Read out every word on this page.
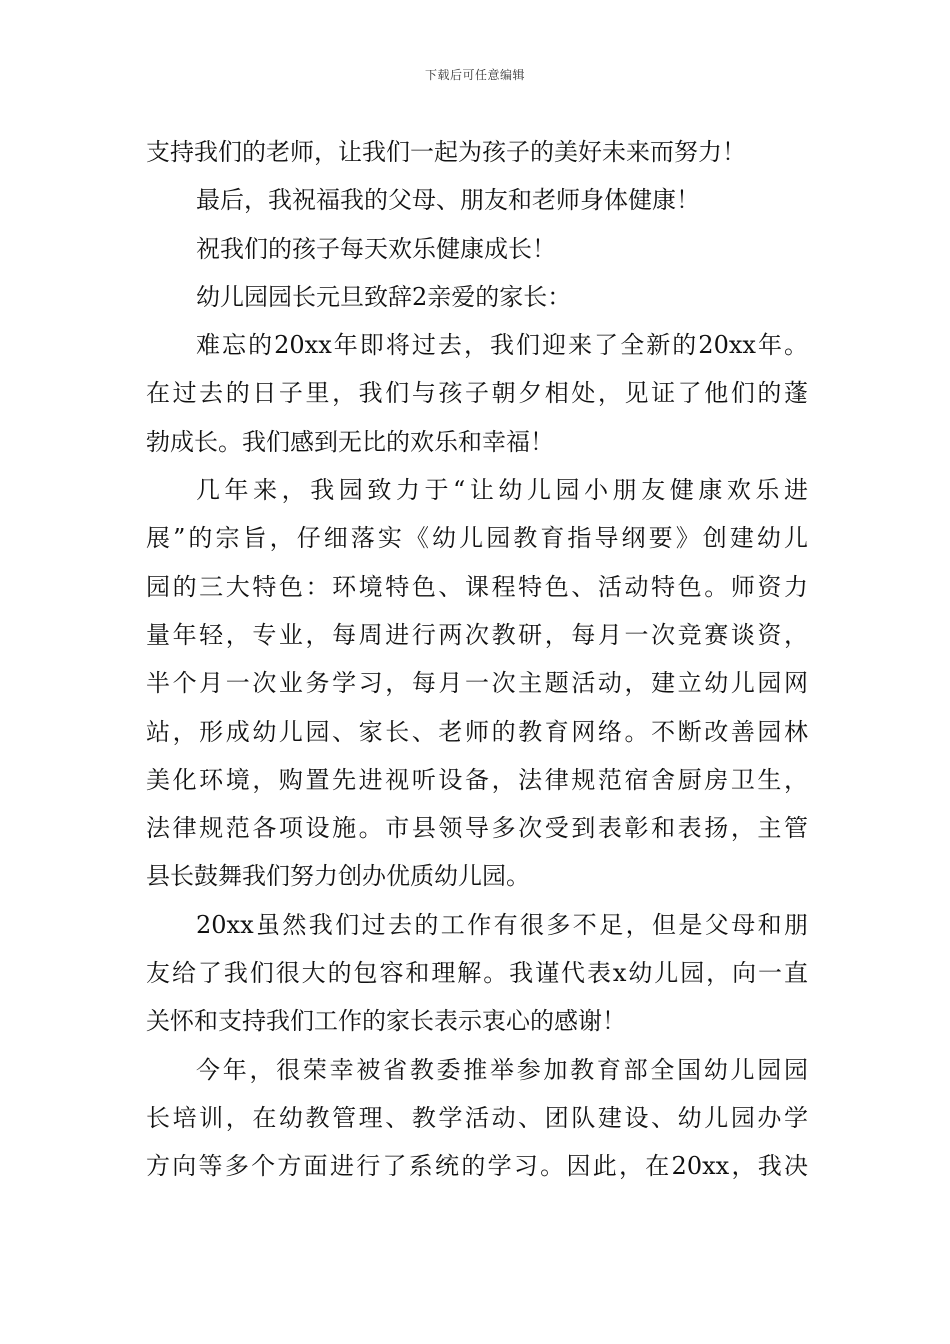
下载后可任意编辑
支持我们的老师，让我们一起为孩子的美好未来而努力！
最后，我祝福我的父母、朋友和老师身体健康！
祝我们的孩子每天欢乐健康成长！
幼儿园园长元旦致辞2亲爱的家长：
难忘的20xx年即将过去，我们迎来了全新的20xx年。
在过去的日子里，我们与孩子朝夕相处，见证了他们的蓬
勃成长。我们感到无比的欢乐和幸福！
几年来，我园致力于“让幼儿园小朋友健康欢乐进
展”的宗旨，仔细落实《幼儿园教育指导纲要》创建幼儿
园的三大特色：环境特色、课程特色、活动特色。师资力
量年轻，专业，每周进行两次教研，每月一次竞赛谈资，
半个月一次业务学习，每月一次主题活动，建立幼儿园网
站，形成幼儿园、家长、老师的教育网络。不断改善园林
美化环境，购置先进视听设备，法律规范宿舍厨房卫生，
法律规范各项设施。市县领导多次受到表彰和表扬，主管
县长鼓舞我们努力创办优质幼儿园。
20xx虽然我们过去的工作有很多不足，但是父母和朋
友给了我们很大的包容和理解。我谨代表x幼儿园，向一直
关怀和支持我们工作的家长表示衷心的感谢！
今年，很荣幸被省教委推举参加教育部全国幼儿园园
长培训，在幼教管理、教学活动、团队建设、幼儿园办学
方向等多个方面进行了系统的学习。因此，在20xx，我决
